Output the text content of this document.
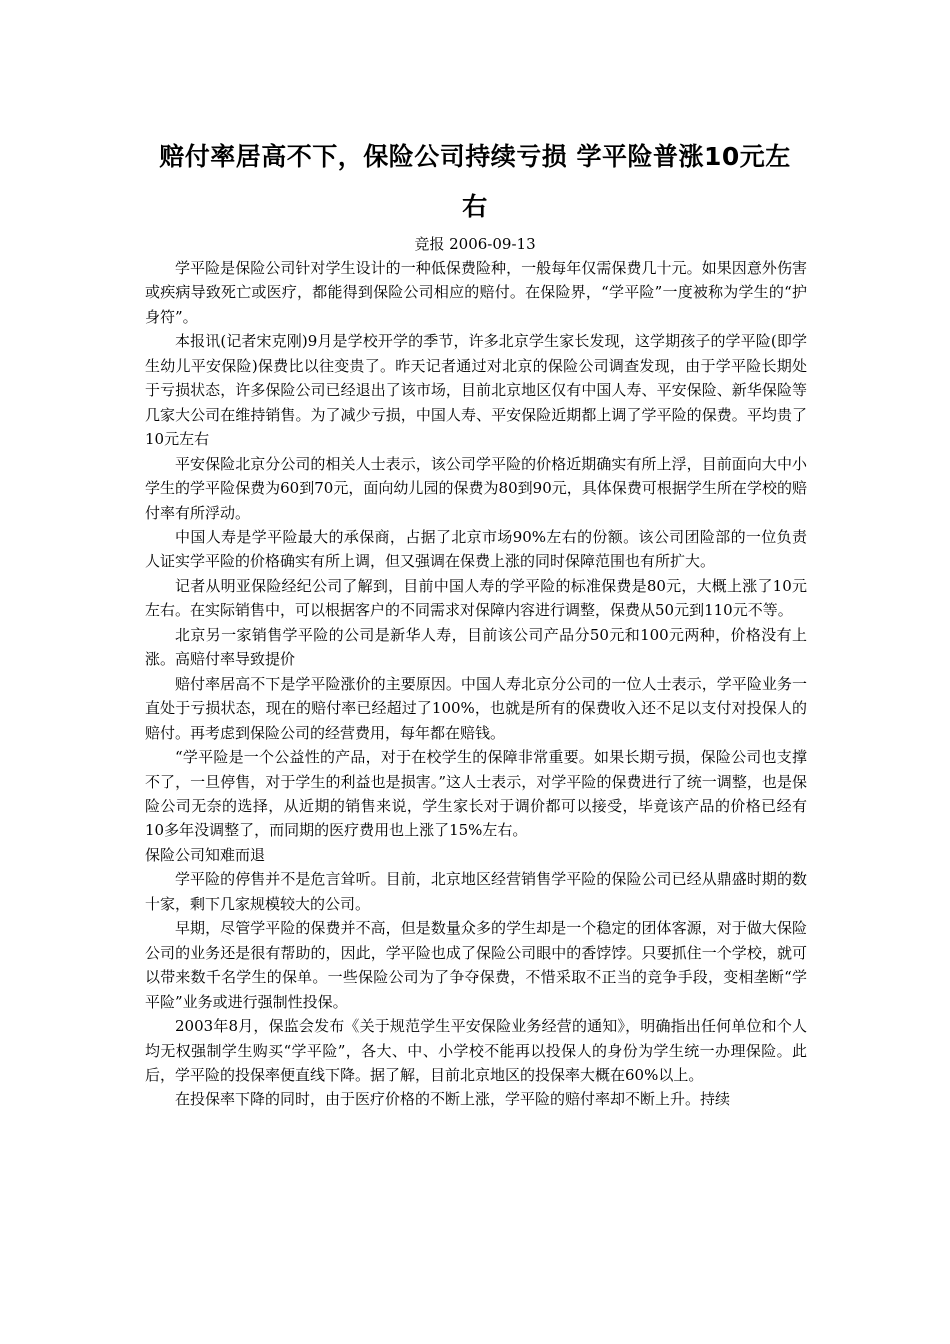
赔付率居高不下，保险公司持续亏损 学平险普涨10元左右
竞报 2006-09-13

学平险是保险公司针对学生设计的一种低保费险种，一般每年仅需保费几十元。如果因意外伤害或疾病导致死亡或医疗，都能得到保险公司相应的赔付。在保险界，“学平险”一度被称为学生的“护身符”。

本报讯(记者宋克刚)9月是学校开学的季节，许多北京学生家长发现，这学期孩子的学平险(即学生幼儿平安保险)保费比以往变贵了。昨天记者通过对北京的保险公司调查发现，由于学平险长期处于亏损状态，许多保险公司已经退出了该市场，目前北京地区仅有中国人寿、平安保险、新华保险等几家大公司在维持销售。为了减少亏损，中国人寿、平安保险近期都上调了学平险的保费。平均贵了10元左右

平安保险北京分公司的相关人士表示，该公司学平险的价格近期确实有所上浮，目前面向大中小学生的学平险保费为60到70元，面向幼儿园的保费为80到90元，具体保费可根据学生所在学校的赔付率有所浮动。

中国人寿是学平险最大的承保商，占据了北京市场90%左右的份额。该公司团险部的一位负责人证实学平险的价格确实有所上调，但又强调在保费上涨的同时保障范围也有所扩大。

记者从明亚保险经纪公司了解到，目前中国人寿的学平险的标准保费是80元，大概上涨了10元左右。在实际销售中，可以根据客户的不同需求对保障内容进行调整，保费从50元到110元不等。

北京另一家销售学平险的公司是新华人寿，目前该公司产品分50元和100元两种，价格没有上涨。高赔付率导致提价

赔付率居高不下是学平险涨价的主要原因。中国人寿北京分公司的一位人士表示，学平险业务一直处于亏损状态，现在的赔付率已经超过了100%，也就是所有的保费收入还不足以支付对投保人的赔付。再考虑到保险公司的经营费用，每年都在赔钱。

“学平险是一个公益性的产品，对于在校学生的保障非常重要。如果长期亏损，保险公司也支撑不了，一旦停售，对于学生的利益也是损害。”这人士表示，对学平险的保费进行了统一调整，也是保险公司无奈的选择，从近期的销售来说，学生家长对于调价都可以接受，毕竟该产品的价格已经有10多年没调整了，而同期的医疗费用也上涨了15%左右。

保险公司知难而退

学平险的停售并不是危言耸听。目前，北京地区经营销售学平险的保险公司已经从鼎盛时期的数十家，剩下几家规模较大的公司。

早期，尽管学平险的保费并不高，但是数量众多的学生却是一个稳定的团体客源，对于做大保险公司的业务还是很有帮助的，因此，学平险也成了保险公司眼中的香饽饽。只要抓住一个学校，就可以带来数千名学生的保单。一些保险公司为了争夺保费，不惜采取不正当的竞争手段，变相垄断“学平险”业务或进行强制性投保。

2003年8月，保监会发布《关于规范学生平安保险业务经营的通知》，明确指出任何单位和个人均无权强制学生购买“学平险”，各大、中、小学校不能再以投保人的身份为学生统一办理保险。此后，学平险的投保率便直线下降。据了解，目前北京地区的投保率大概在60%以上。

在投保率下降的同时，由于医疗价格的不断上涨，学平险的赔付率却不断上升。持续
